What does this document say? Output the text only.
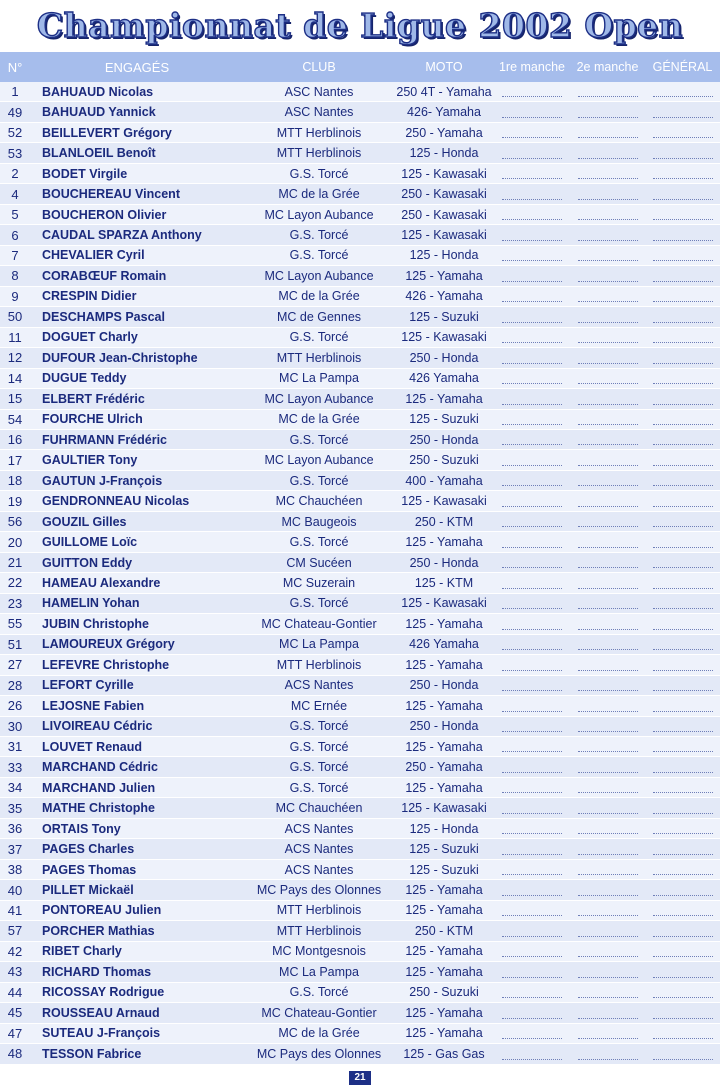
Championnat de Ligue 2002 Open
N°	ENGAGÉS	CLUB	MOTO	1re manche 2e manche	GÉNÉRAL
1	BAHUAUD Nicolas	ASC Nantes	250 4T - Yamaha
49	BAHUAUD Yannick	ASC Nantes	426- Yamaha
52	BEILLEVERT Grégory	MTT Herblinois	250 - Yamaha
53	BLANLOEIL Benoît	MTT Herblinois	125 - Honda
2	BODET Virgile	G.S. Torcé	125 - Kawasaki
4	BOUCHEREAU Vincent	MC de la Grée	250 - Kawasaki
5	BOUCHERON Olivier	MC Layon Aubance	250 - Kawasaki
6	CAUDAL SPARZA Anthony	G.S. Torcé	125 - Kawasaki
7	CHEVALIER Cyril	G.S. Torcé	125 - Honda
8	CORABŒUF Romain	MC Layon Aubance	125 - Yamaha
9	CRESPIN Didier	MC de la Grée	426 - Yamaha
50	DESCHAMPS Pascal	MC de Gennes	125 - Suzuki
11	DOGUET Charly	G.S. Torcé	125 - Kawasaki
12	DUFOUR Jean-Christophe	MTT Herblinois	250 - Honda
14	DUGUE Teddy	MC La Pampa	426 Yamaha
15	ELBERT Frédéric	MC Layon Aubance	125 - Yamaha
54	FOURCHE Ulrich	MC de la Grée	125 - Suzuki
16	FUHRMANN Frédéric	G.S. Torcé	250 - Honda
17	GAULTIER Tony	MC Layon Aubance	250 - Suzuki
18	GAUTUN J-François	G.S. Torcé	400 - Yamaha
19	GENDRONNEAU Nicolas	MC Chauchéen	125 - Kawasaki
56	GOUZIL Gilles	MC Baugeois	250 - KTM
20	GUILLOME Loïc	G.S. Torcé	125 - Yamaha
21	GUITTON Eddy	CM Sucéen	250 - Honda
22	HAMEAU Alexandre	MC Suzerain	125 - KTM
23	HAMELIN Yohan	G.S. Torcé	125 - Kawasaki
55	JUBIN Christophe	MC Chateau-Gontier	125 - Yamaha
51	LAMOUREUX Grégory	MC La Pampa	426 Yamaha
27	LEFEVRE Christophe	MTT Herblinois	125 - Yamaha
28	LEFORT Cyrille	ACS Nantes	250 - Honda
26	LEJOSNE Fabien	MC Ernée	125 - Yamaha
30	LIVOIREAU Cédric	G.S. Torcé	250 - Honda
31	LOUVET Renaud	G.S. Torcé	125 - Yamaha
33	MARCHAND Cédric	G.S. Torcé	250 - Yamaha
34	MARCHAND Julien	G.S. Torcé	125 - Yamaha
35	MATHE Christophe	MC Chauchéen	125 - Kawasaki
36	ORTAIS Tony	ACS Nantes	125 - Honda
37	PAGES Charles	ACS Nantes	125 - Suzuki
38	PAGES Thomas	ACS Nantes	125 - Suzuki
40	PILLET Mickaël	MC Pays des Olonnes	125 - Yamaha
41	PONTOREAU Julien	MTT Herblinois	125 - Yamaha
57	PORCHER Mathias	MTT Herblinois	250 - KTM
42	RIBET Charly	MC Montgesnois	125 - Yamaha
43	RICHARD Thomas	MC La Pampa	125 - Yamaha
44	RICOSSAY Rodrigue	G.S. Torcé	250 - Suzuki
45	ROUSSEAU Arnaud	MC Chateau-Gontier	125 - Yamaha
47	SUTEAU J-François	MC de la Grée	125 - Yamaha
48	TESSON Fabrice	MC Pays des Olonnes	125 - Gas Gas
21
